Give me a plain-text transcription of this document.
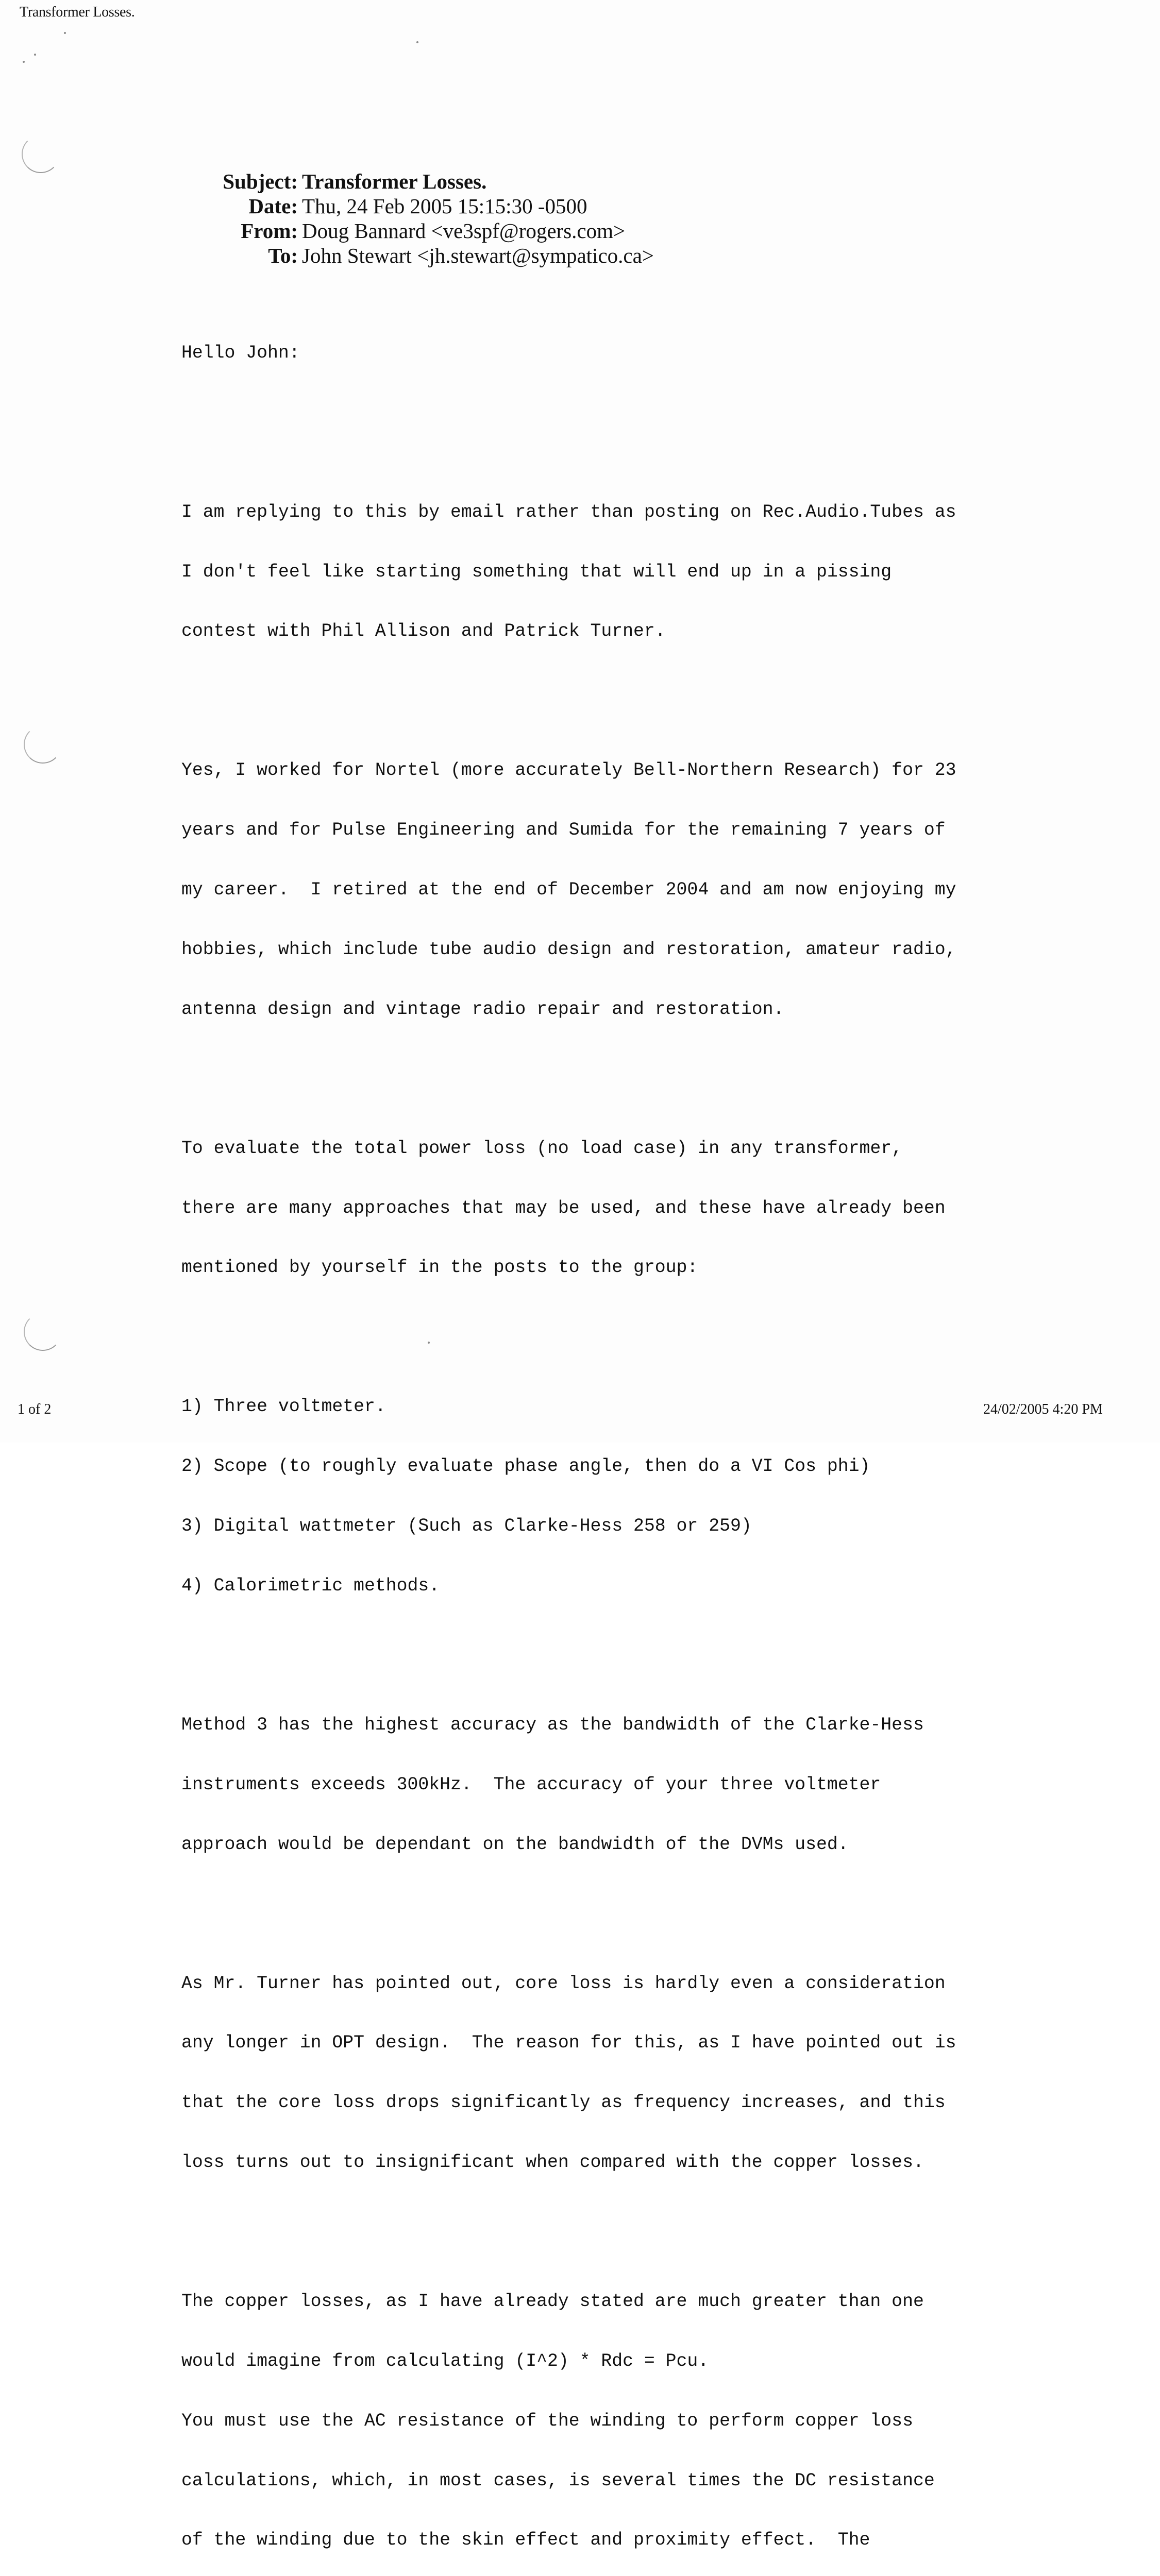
Transformer Losses.
Subject: Transformer Losses.
Date: Thu, 24 Feb 2005 15:15:30 -0500
From: Doug Bannard <ve3spf@rogers.com>
To: John Stewart <jh.stewart@sympatico.ca>

Hello John:

I am replying to this by email rather than posting on Rec.Audio.Tubes as

I don't feel like starting something that will end up in a pissing

contest with Phil Allison and Patrick Turner.

Yes, I worked for Nortel (more accurately Bell-Northern Research) for 23

years and for Pulse Engineering and Sumida for the remaining 7 years of

my career.  I retired at the end of December 2004 and am now enjoying my

hobbies, which include tube audio design and restoration, amateur radio,

antenna design and vintage radio repair and restoration.

To evaluate the total power loss (no load case) in any transformer,

there are many approaches that may be used, and these have already been

mentioned by yourself in the posts to the group:

1) Three voltmeter.

2) Scope (to roughly evaluate phase angle, then do a VI Cos phi)

3) Digital wattmeter (Such as Clarke-Hess 258 or 259)

4) Calorimetric methods.

Method 3 has the highest accuracy as the bandwidth of the Clarke-Hess

instruments exceeds 300kHz.  The accuracy of your three voltmeter

approach would be dependant on the bandwidth of the DVMs used.

As Mr. Turner has pointed out, core loss is hardly even a consideration

any longer in OPT design.  The reason for this, as I have pointed out is

that the core loss drops significantly as frequency increases, and this

loss turns out to insignificant when compared with the copper losses.

The copper losses, as I have already stated are much greater than one

would imagine from calculating (I^2) * Rdc = Pcu.

You must use the AC resistance of the winding to perform copper loss

calculations, which, in most cases, is several times the DC resistance

of the winding due to the skin effect and proximity effect.  The

1 of 2	24/02/2005 4:20 PM
